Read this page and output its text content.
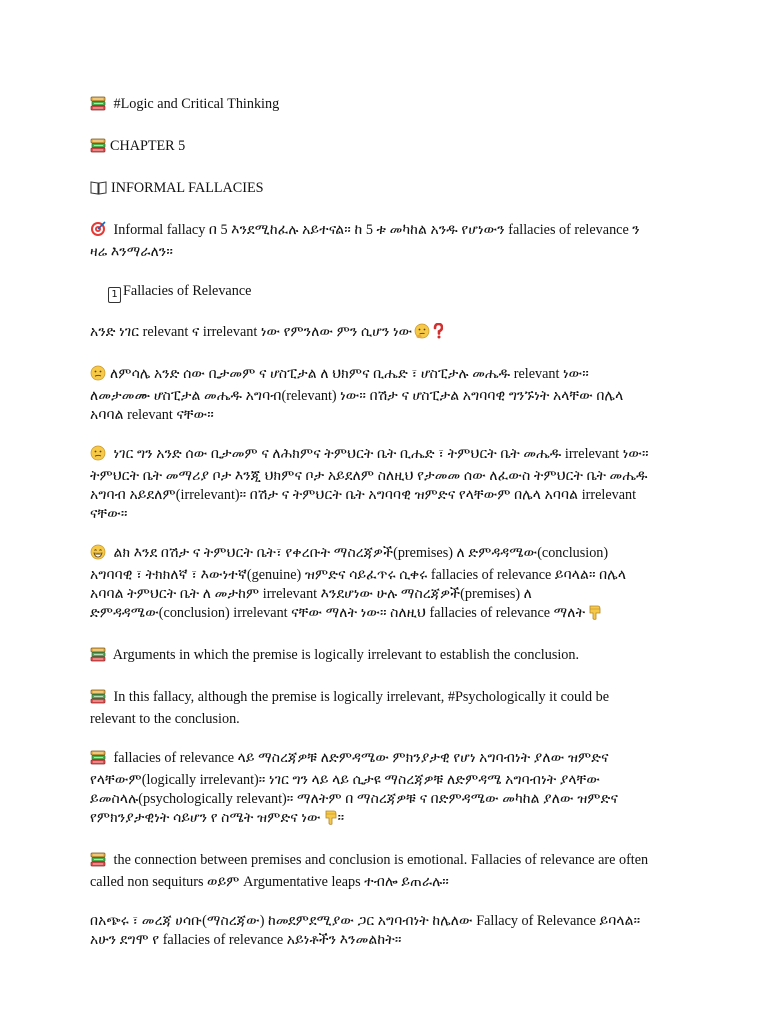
#Logic and Critical Thinking

CHAPTER 5

INFORMAL FALLACIES

Informal fallacy በ 5 እንደሚከፈሉ አይተናል። ከ 5 ቱ መካከል አንዱ የሆነውን fallacies of relevance ን ዛሬ እንማራለን።

1 Fallacies of Relevance

አንድ ነገር relevant ና irrelevant ነው የምንለው ምን ሲሆን ነው

ለምሳሌ አንድ ሰው ቢታመም ና ሆስፒታል ለ ህክምና ቢሔድ ፣ ሆስፒታሉ መሔዱ relevant ነው። ለመታመሙ ሆስፒታል መሔዱ አግባብ(relevant) ነው። በሽታ ና ሆስፒታል አግባባዊ ግንኙነት አላቸው በሌላ አባባል relevant ናቸው።

ነገር ግን አንድ ሰው ቢታመም ና ለሕክምና ትምህርት ቤት ቢሔድ ፣ ትምህርት ቤት መሔዱ irrelevant ነው። ትምህርት ቤት መማሪያ ቦታ እንጂ ህክምና ቦታ አይደለም ስለዚህ የታመመ ሰው ለፈውስ ትምህርት ቤት መሔዱ አግባብ አይደለም(irrelevant)። በሽታ ና ትምህርት ቤት አግባባዊ ዝምድና የላቸውም በሌላ አባባል irrelevant ናቸው።

ልክ እንደ በሽታ ና ትምህርት ቤት፣ የቀረቡት ማስረጃዎች(premises) ለ ድምዳዳሜው(conclusion) አግባባዊ ፣ ትክክለኛ ፣ እውነተኛ(genuine) ዝምድና ሳይፈጥሩ ሲቀሩ fallacies of relevance ይባላል። በሌላ አባባል ትምህርት ቤት ለ መታከም irrelevant እንደሆነው ሁሉ ማስረጃዎች(premises) ለ ድምዳዳሜው(conclusion) irrelevant ናቸው ማለት ነው። ስለዚህ fallacies of relevance ማለት

Arguments in which the premise is logically irrelevant to establish the conclusion.

In this fallacy, although the premise is logically irrelevant, #Psychologically it could be relevant to the conclusion.

fallacies of relevance ላይ ማስረጃዎቹ ለድምዳሜው ምክንያታዊ የሆነ አግባብነት ያለው ዝምድና የላቸውም(logically irrelevant)። ነገር ግን ላይ ላይ ሲታዩ ማስረጃዎቹ ለድምዳሜ አግባብነት ያላቸው ይመስላሉ(psychologically relevant)። ማለትም በ ማስረጃዎቹ ና በድምዳሜው መካከል ያለው ዝምድና የምክንያታዊነት ሳይሆን የ ስሜት ዝምድና ነው ።

the connection between premises and conclusion is emotional. Fallacies of relevance are often called non sequiturs ወይም Argumentative leaps ተብሎ ይጠራሉ።

በአጭሩ ፣ መረጃ ሀሳቡ(ማስረጃው) ከመደምደሚያው ጋር አግባብነት ከሌለው Fallacy of Relevance ይባላል። አሁን ደግሞ የ fallacies of relevance አይነቶችን እንመልከት።
